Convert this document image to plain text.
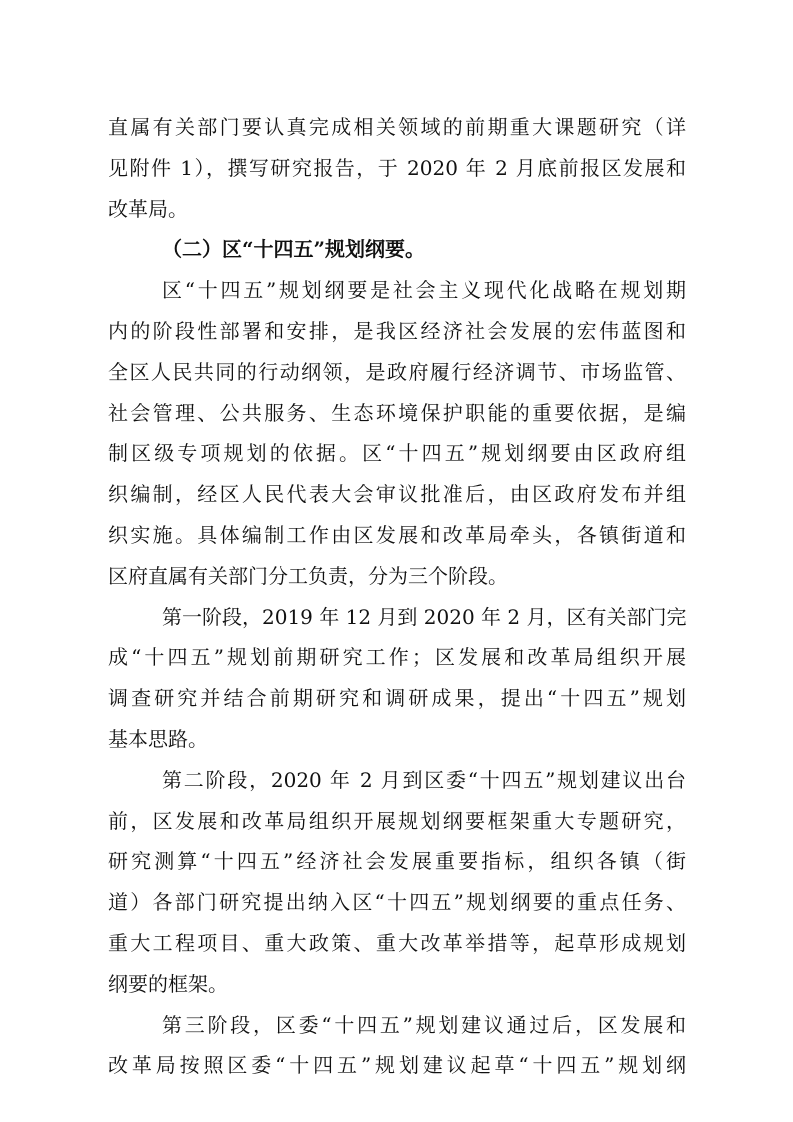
直属有关部门要认真完成相关领域的前期重大课题研究（详
见附件 1），撰写研究报告，于 2020 年 2 月底前报区发展和
改革局。
（二）区“十四五”规划纲要。
区“十四五”规划纲要是社会主义现代化战略在规划期
内的阶段性部署和安排，是我区经济社会发展的宏伟蓝图和
全区人民共同的行动纲领，是政府履行经济调节、市场监管、
社会管理、公共服务、生态环境保护职能的重要依据，是编
制区级专项规划的依据。区“十四五”规划纲要由区政府组
织编制，经区人民代表大会审议批准后，由区政府发布并组
织实施。具体编制工作由区发展和改革局牵头，各镇街道和
区府直属有关部门分工负责，分为三个阶段。
第一阶段，2019 年 12 月到 2020 年 2 月，区有关部门完
成“十四五”规划前期研究工作；区发展和改革局组织开展
调查研究并结合前期研究和调研成果，提出“十四五”规划
基本思路。
第二阶段，2020 年 2 月到区委“十四五”规划建议出台
前，区发展和改革局组织开展规划纲要框架重大专题研究，
研究测算“十四五”经济社会发展重要指标，组织各镇（街
道）各部门研究提出纳入区“十四五”规划纲要的重点任务、
重大工程项目、重大政策、重大改革举措等，起草形成规划
纲要的框架。
第三阶段，区委“十四五”规划建议通过后，区发展和
改革局按照区委“十四五”规划建议起草“十四五”规划纲
